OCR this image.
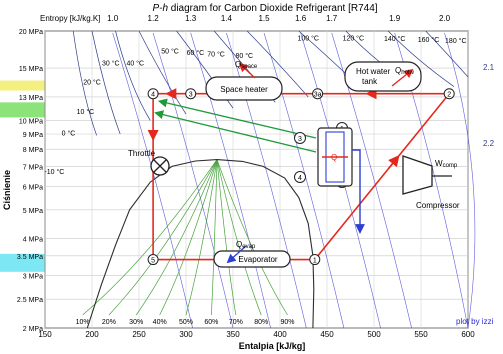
30 °C 40 °C
50 °C 60 °C 70 °C 80 °C
100 °C	120 °C	140 °C 160 °C 180 °C
20 °C
10 °C
0 °C
-10 °C
10% 20% 30% 40% 50% 60% 70% 80% 90%
20 MPa
15 MPa
13 MPa
10 MPa
9 MPa
8 MPa
7 MPa
6 MPa
5 MPa
4 MPa
3.5 MPa
3 MPa
2.5 MPa
2 MPa
150	200	250	300	350	400	450	500	550	600
1.0	1.2	1.3	1.4	1.5	1.6 1.7	1.9	2.0
1
2
3	3a
4
5
3
4
P-h diagram for Carbon Dioxide Refrigerant [R744]
Entropy [kJ/kg.K]
Entalpia [kJ/kg]
Ciśnienie
2.1
2.2
plot by izzi
Space heater
Qspace	Hot water
tank
Qhotw
Evaporator
Qevap
Throttle
Wcomp
Compressor
Q
